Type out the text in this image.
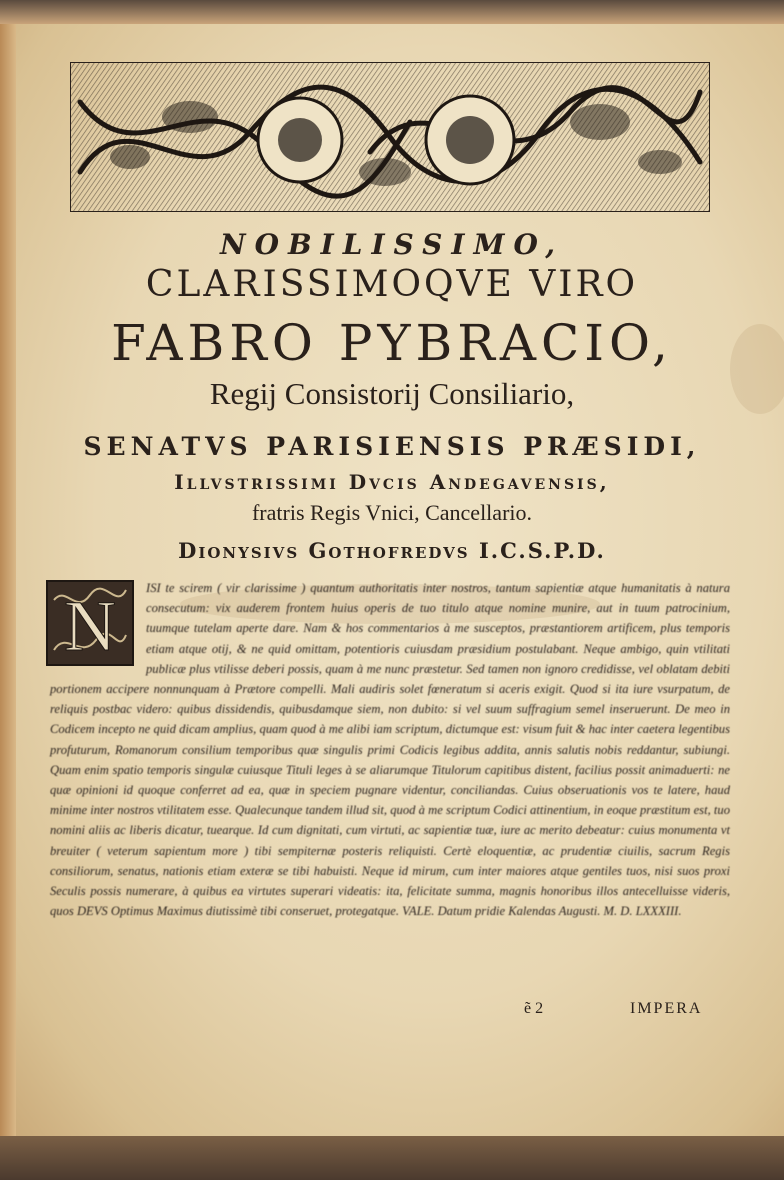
NOBILISSIMO,
CLARISSIMOQVE VIRO
FABRO PYBRACIO,
Regij Consistorij Consiliario,
SENATVS PARISIENSIS PRÆSIDI,
Illvstrissimi Dvcis Andegavensis,
fratris Regis Vnici, Cancellario.
Dionysivs Gothofredvs I.C.S.P.D.
N	ISI te scirem ( vir clarissime ) quantum authoritatis inter nostros, tantum sapientiæ atque humanitatis à natura consecutum: vix auderem frontem huius operis de tuo titulo atque nomine munire, aut in tuum patrocinium, tuumque tutelam aperte dare. Nam & hos commentarios à me susceptos, præstantiorem artificem, plus temporis etiam atque otij, & ne quid omittam, potentioris cuiusdam præsidium postulabant. Neque ambigo, quin vtilitati publicæ plus vtilisse deberi possis, quam à me nunc præstetur. Sed tamen non ignoro credidisse, vel oblatam debiti portionem accipere nonnunquam à Prætore compelli. Mali audiris solet fœneratum si aceris exigit. Quod si ita iure vsurpatum, de reliquis postbac videro: quibus dissidendis, quibusdamque siem, non dubito: si vel suum suffragium semel inseruerunt. De meo in Codicem incepto ne quid dicam amplius, quam quod à me alibi iam scriptum, dictumque est: visum fuit & hac inter caetera legentibus profuturum, Romanorum consilium temporibus quæ singulis primi Codicis legibus addita, annis salutis nobis reddantur, subiungi. Quam enim spatio temporis singulæ cuiusque Tituli leges à se aliarumque Titulorum capitibus distent, facilius possit animaduerti: ne quæ opinioni id quoque conferret ad ea, quæ in speciem pugnare videntur, conciliandas. Cuius obseruationis vos te latere, haud minime inter nostros vtilitatem esse. Qualecunque tandem illud sit, quod à me scriptum Codici attinentium, in eoque præstitum est, tuo nomini aliis ac liberis dicatur, tuearque. Id cum dignitati, cum virtuti, ac sapientiæ tuæ, iure ac merito debeatur: cuius monumenta vt breuiter ( veterum sapientum more ) tibi sempiternæ posteris reliquisti. Certè eloquentiæ, ac prudentiæ ciuilis, sacrum Regis consiliorum, senatus, nationis etiam exteræ se tibi habuisti. Neque id mirum, cum inter maiores atque gentiles tuos, nisi suos proxi Seculis possis numerare, à quibus ea virtutes superari videatis: ita, felicitate summa, magnis honoribus illos antecelluisse videris, quos DEVS Optimus Maximus diutissimè tibi conseruet, protegatque. VALE. Datum pridie Kalendas Augusti. M. D. LXXXIII.
ẽ 2	IMPERA
